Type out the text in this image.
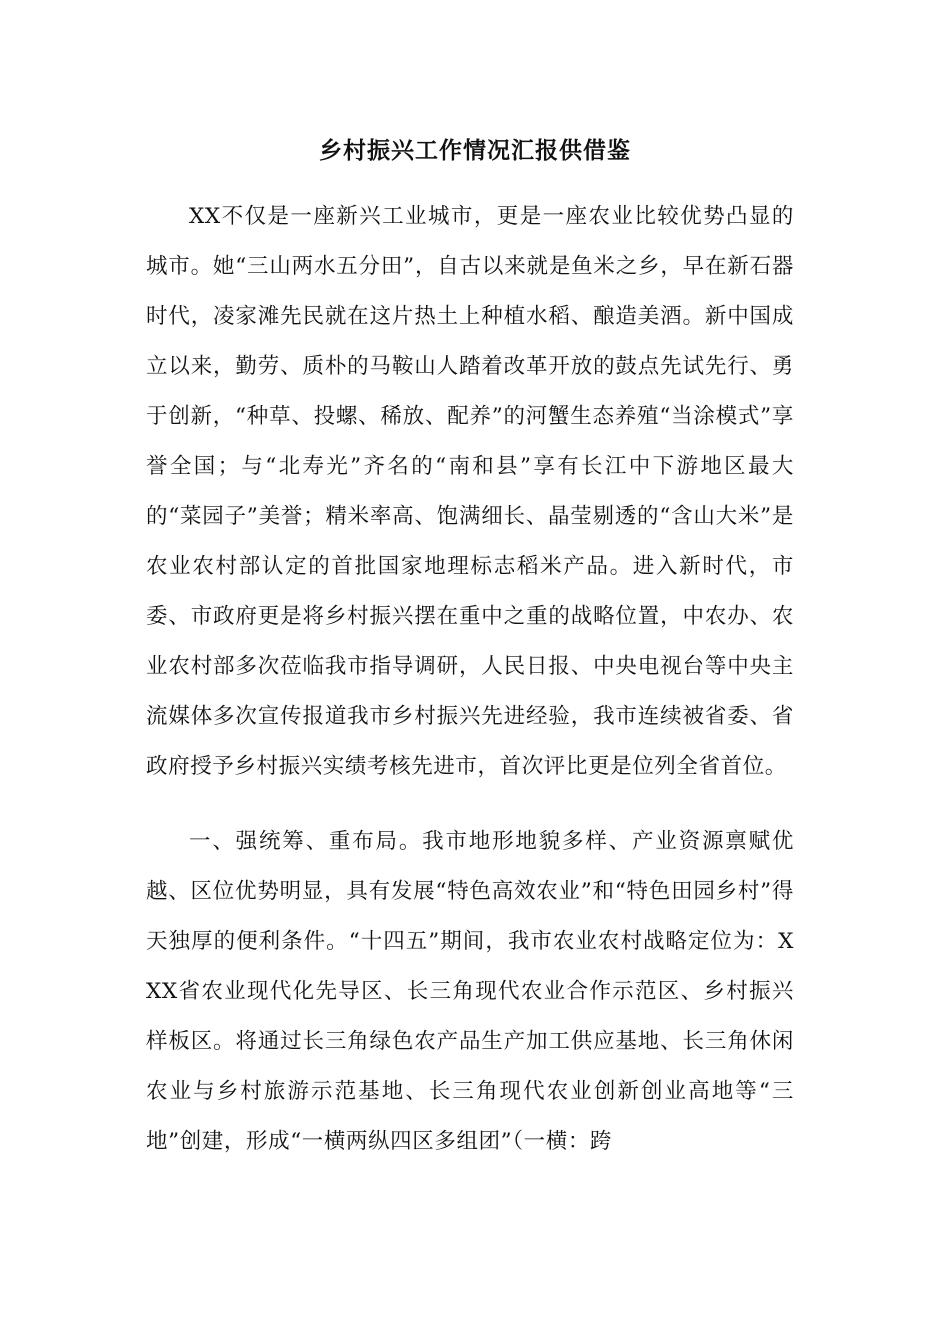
乡村振兴工作情况汇报供借鉴

XX不仅是一座新兴工业城市，更是一座农业比较优势凸显的城市。她“三山两水五分田”，自古以来就是鱼米之乡，早在新石器时代，凌家滩先民就在这片热土上种植水稻、酿造美酒。新中国成立以来，勤劳、质朴的马鞍山人踏着改革开放的鼓点先试先行、勇于创新，“种草、投螺、稀放、配养”的河蟹生态养殖“当涂模式”享誉全国；与“北寿光”齐名的“南和县”享有长江中下游地区最大的“菜园子”美誉；精米率高、饱满细长、晶莹剔透的“含山大米”是农业农村部认定的首批国家地理标志稻米产品。进入新时代，市委、市政府更是将乡村振兴摆在重中之重的战略位置，中农办、农业农村部多次莅临我市指导调研，人民日报、中央电视台等中央主流媒体多次宣传报道我市乡村振兴先进经验，我市连续被省委、省政府授予乡村振兴实绩考核先进市，首次评比更是位列全省首位。

一、强统筹、重布局。我市地形地貌多样、产业资源禀赋优越、区位优势明显，具有发展“特色高效农业”和“特色田园乡村”得天独厚的便利条件。“十四五”期间，我市农业农村战略定位为：XXX省农业现代化先导区、长三角现代农业合作示范区、乡村振兴样板区。将通过长三角绿色农产品生产加工供应基地、长三角休闲农业与乡村旅游示范基地、长三角现代农业创新创业高地等“三地”创建，形成“一横两纵四区多组团”（一横：跨
